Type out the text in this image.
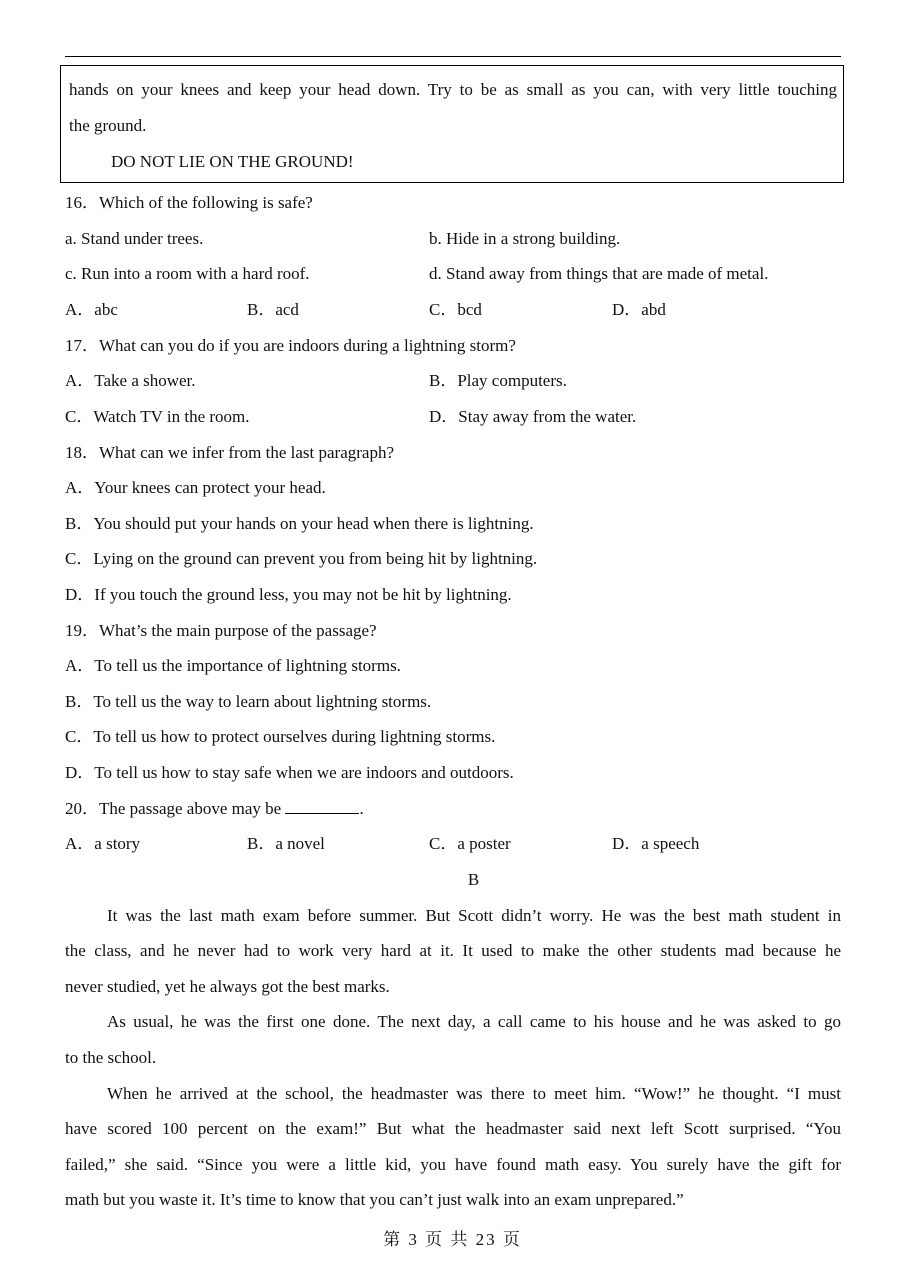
hands on your knees and keep your head down. Try to be as small as you can, with very little touching
the ground.
DO NOT LIE ON THE GROUND!
16．Which of the following is safe?
a. Stand under trees.	b. Hide in a strong building.
c. Run into a room with a hard roof.	d. Stand away from things that are made of metal.
A．abc	B．acd	C．bcd	D．abd
17．What can you do if you are indoors during a lightning storm?
A．Take a shower.	B．Play computers.
C．Watch TV in the room.	D．Stay away from the water.
18．What can we infer from the last paragraph?
A．Your knees can protect your head.
B．You should put your hands on your head when there is lightning.
C．Lying on the ground can prevent you from being hit by lightning.
D．If you touch the ground less, you may not be hit by lightning.
19．What’s the main purpose of the passage?
A．To tell us the importance of lightning storms.
B．To tell us the way to learn about lightning storms.
C．To tell us how to protect ourselves during lightning storms.
D．To tell us how to stay safe when we are indoors and outdoors.
20．The passage above may be	.
A．a story	B．a novel	C．a poster	D．a speech
B
It was the last math exam before summer. But Scott didn’t worry. He was the best math student in
the class, and he never had to work very hard at it. It used to make the other students mad because he
never studied, yet he always got the best marks.
As usual, he was the first one done. The next day, a call came to his house and he was asked to go
to the school.
When he arrived at the school, the headmaster was there to meet him. “Wow!” he thought. “I must
have scored 100 percent on the exam!” But what the headmaster said next left Scott surprised. “You
failed,” she said. “Since you were a little kid, you have found math easy. You surely have the gift for
math but you waste it. It’s time to know that you can’t just walk into an exam unprepared.”
第 3 页 共 23 页
